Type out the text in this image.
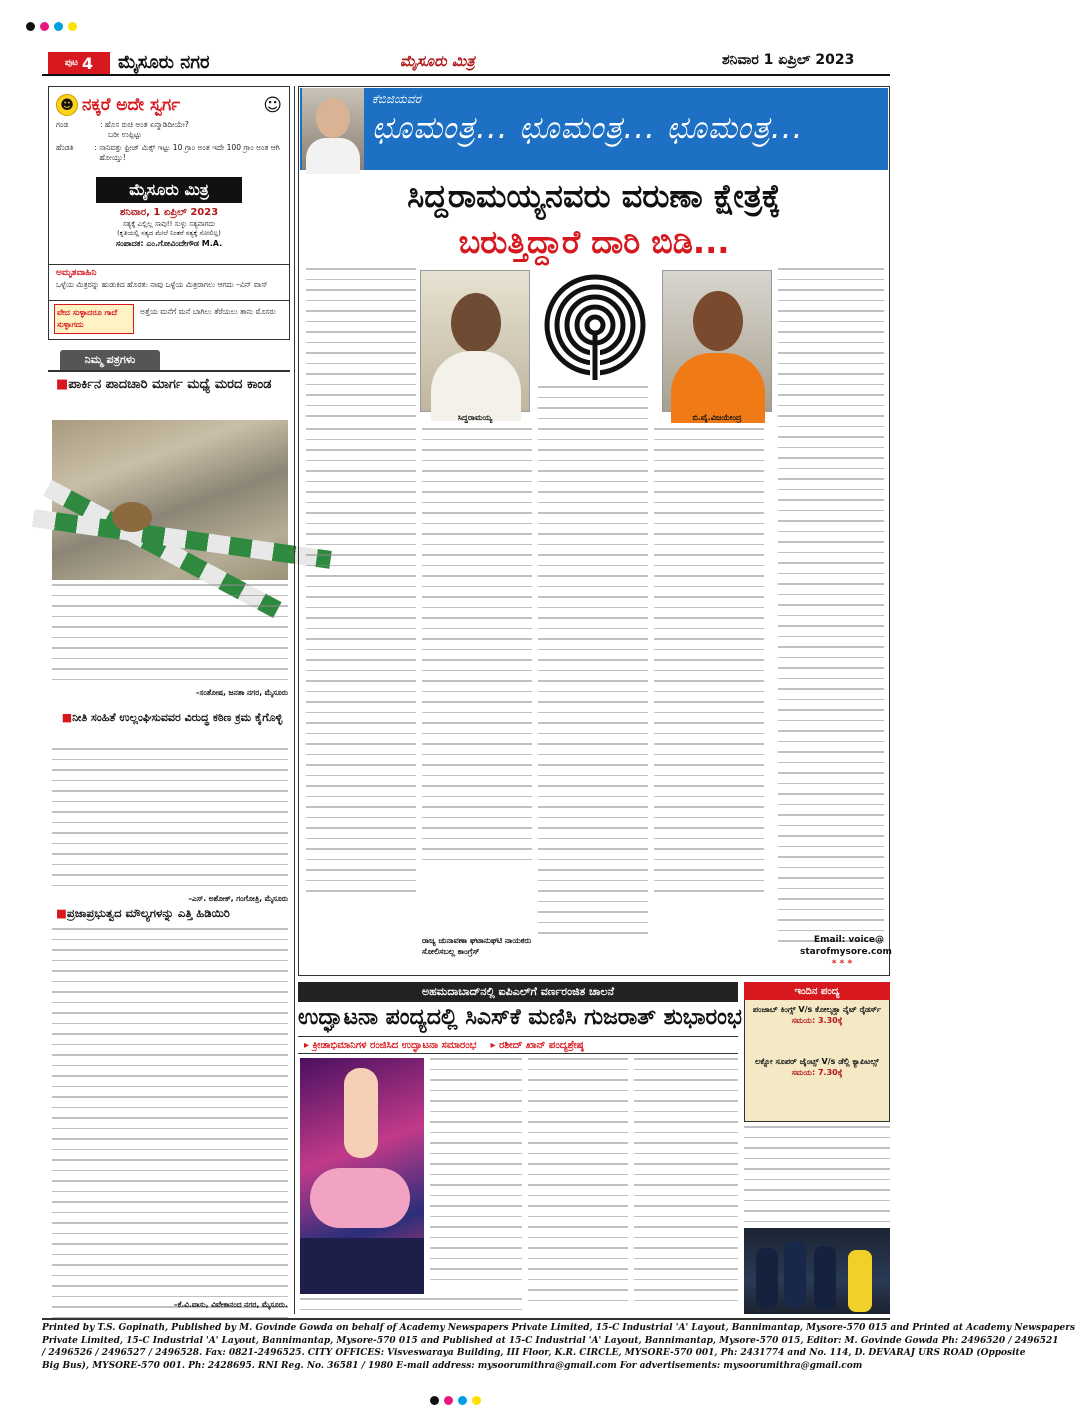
ಪುಟ 4 ಮೈಸೂರು ನಗರ	ಮೈಸೂರು ಮಿತ್ರ	ಶನಿವಾರ 1 ಏಪ್ರಿಲ್ 2023
☻ ನಕ್ಕರೆ ಅದೇ ಸ್ವರ್ಗ	☺
ಗಂಡ	: ಹೊಸ ರುಚಿ ಅಂತ ಏನ್ಮಾಡಿದೀಯೇ?
ಬರೀ ಉಪ್ಪಿಟ್ಟು
ಹೆಂಡತಿ	: ನಾನಿವತ್ತು ಫ್ರೀಜ್ ಮಿಕ್ಸ್ ಇಟ್ಟು 10 ಗ್ರಾಂ ಅಂತ ಇದೇ 100 ಗ್ರಾಂ ಅಂತ ಆಗಿ ಹೋಯ್ತು!
ಮೈಸೂರು ಮಿತ್ರ
ಶನಿವಾರ, 1 ಏಪ್ರಿಲ್ 2023
ಸತ್ಯಕ್ಕೆ ಎಲ್ಲಿಲ್ಲ ಸಾವು!! ಸುಳ್ಳು ಸತ್ಯವಾಗದು
(ಕೃತಿಯಲ್ಲಿ ಸತ್ಯದ ಮೇಲೆ ನಿಂತರೆ ಸತ್ಯಕ್ಕೆ ಸೋಲಿಲ್ಲ)
ಸಂಪಾದಕ: ಎಂ.ಗೋವಿಂದೇಗೌಡ M.A.
ಅಮೃತವಾಹಿನಿ
ಒಳ್ಳೆಯ ಮಿತ್ರರನ್ನು ಹುಡುಕಿದ ಹೊರತು ನಾವು ಒಳ್ಳೆಯ ಮಿತ್ರರಾಗಲು ಆಗದು –ವಿನ್ ವಾಸ್
ವೇದ ಸುಳ್ಳಾದರೂ ಗಾದೆ ಸುಳ್ಳಾಗದು
ಅತ್ತೆಯ ಮನೆಗೆ ಮನೆ ಬಾಗಿಲು ತೆರೆಯಲು ತಾನು ಮೊಸರು
ನಿಮ್ಮ ಪತ್ರಗಳು
■ಪಾರ್ಕಿನ ಪಾದಚಾರಿ ಮಾರ್ಗ ಮಧ್ಯೆ ಮರದ ಕಾಂಡ
–ಸಂತೋಷ, ಜನತಾ ನಗರ, ಮೈಸೂರು
■ನೀತಿ ಸಂಹಿತೆ ಉಲ್ಲಂಘಿಸುವವರ ವಿರುದ್ಧ ಕಠಿಣ ಕ್ರಮ ಕೈಗೊಳ್ಳಿ
–ಎಸ್. ಅಶೋಕ್, ಗಂಗೋತ್ರಿ, ಮೈಸೂರು
■ಪ್ರಜಾಪ್ರಭುತ್ವದ ಮೌಲ್ಯಗಳನ್ನು ಎತ್ತಿ ಹಿಡಿಯಿರಿ
–ಕೆ.ವಿ.ವಾಸು, ವಿವೇಕಾನಂದ ನಗರ, ಮೈಸೂರು.
ಕೆಬಿಜಿಯವರ
ಛೂಮಂತ್ರ... ಛೂಮಂತ್ರ... ಛೂಮಂತ್ರ...
ಸಿದ್ದರಾಮಯ್ಯನವರು ವರುಣಾ ಕ್ಷೇತ್ರಕ್ಕೆ
ಬರುತ್ತಿದ್ದಾರೆ ದಾರಿ ಬಿಡಿ...
ಸಿದ್ದರಾಮಯ್ಯ	ಬಿ.ವೈ.ವಿಜಯೇಂದ್ರ
ರಾಜ್ಯ ಚುನಾವಣಾ ಘಟಾನುಘಟಿ ನಾಯಕರು ಸೋಲಿಸಬಲ್ಲ ಕಾಂಗ್ರೆಸ್
Email: voice@
starofmysore.com
* * *
ಅಹಮದಾಬಾದ್‌ನಲ್ಲಿ ಐಪಿಎಲ್‌ಗೆ ವರ್ಣರಂಜಿತ ಚಾಲನೆ
ಉದ್ಘಾಟನಾ ಪಂದ್ಯದಲ್ಲಿ ಸಿಎಸ್‌ಕೆ ಮಣಿಸಿ ಗುಜರಾತ್ ಶುಭಾರಂಭ
▸ ಕ್ರೀಡಾಭಿಮಾನಿಗಳ ರಂಜಿಸಿದ ಉದ್ಘಾಟನಾ ಸಮಾರಂಭ ▸ ರಶೀದ್ ಖಾನ್ ಪಂದ್ಯಶ್ರೇಷ್ಠ
ಇಂದಿನ ಪಂದ್ಯ
ಪಂಜಾಬ್ ಕಿಂಗ್ಸ್ V/s ಕೋಲ್ಕತ್ತಾ ನೈಟ್ ರೈಡರ್ಸ್
ಸಮಯ: 3.30ಕ್ಕೆ
ಲಕ್ನೋ ಸೂಪರ್ ಜೈಂಟ್ಸ್ V/s ಡೆಲ್ಲಿ ಕ್ಯಾಪಿಟಲ್ಸ್
ಸಮಯ: 7.30ಕ್ಕೆ
Printed by T.S. Gopinath, Published by M. Govinde Gowda on behalf of Academy Newspapers Private Limited, 15-C Industrial 'A' Layout, Bannimantap, Mysore-570 015 and Printed at Academy Newspapers
Private Limited, 15-C Industrial 'A' Layout, Bannimantap, Mysore-570 015 and Published at 15-C Industrial 'A' Layout, Bannimantap, Mysore-570 015, Editor: M. Govinde Gowda Ph: 2496520 / 2496521
/ 2496526 / 2496527 / 2496528. Fax: 0821-2496525. CITY OFFICES: Visveswaraya Building, III Floor, K.R. CIRCLE, MYSORE-570 001, Ph: 2431774 and No. 114, D. DEVARAJ URS ROAD (Opposite
Big Bus), MYSORE-570 001. Ph: 2428695. RNI Reg. No. 36581 / 1980 E-mail address: mysoorumithra@gmail.com For advertisements: mysoorumithra@gmail.com
